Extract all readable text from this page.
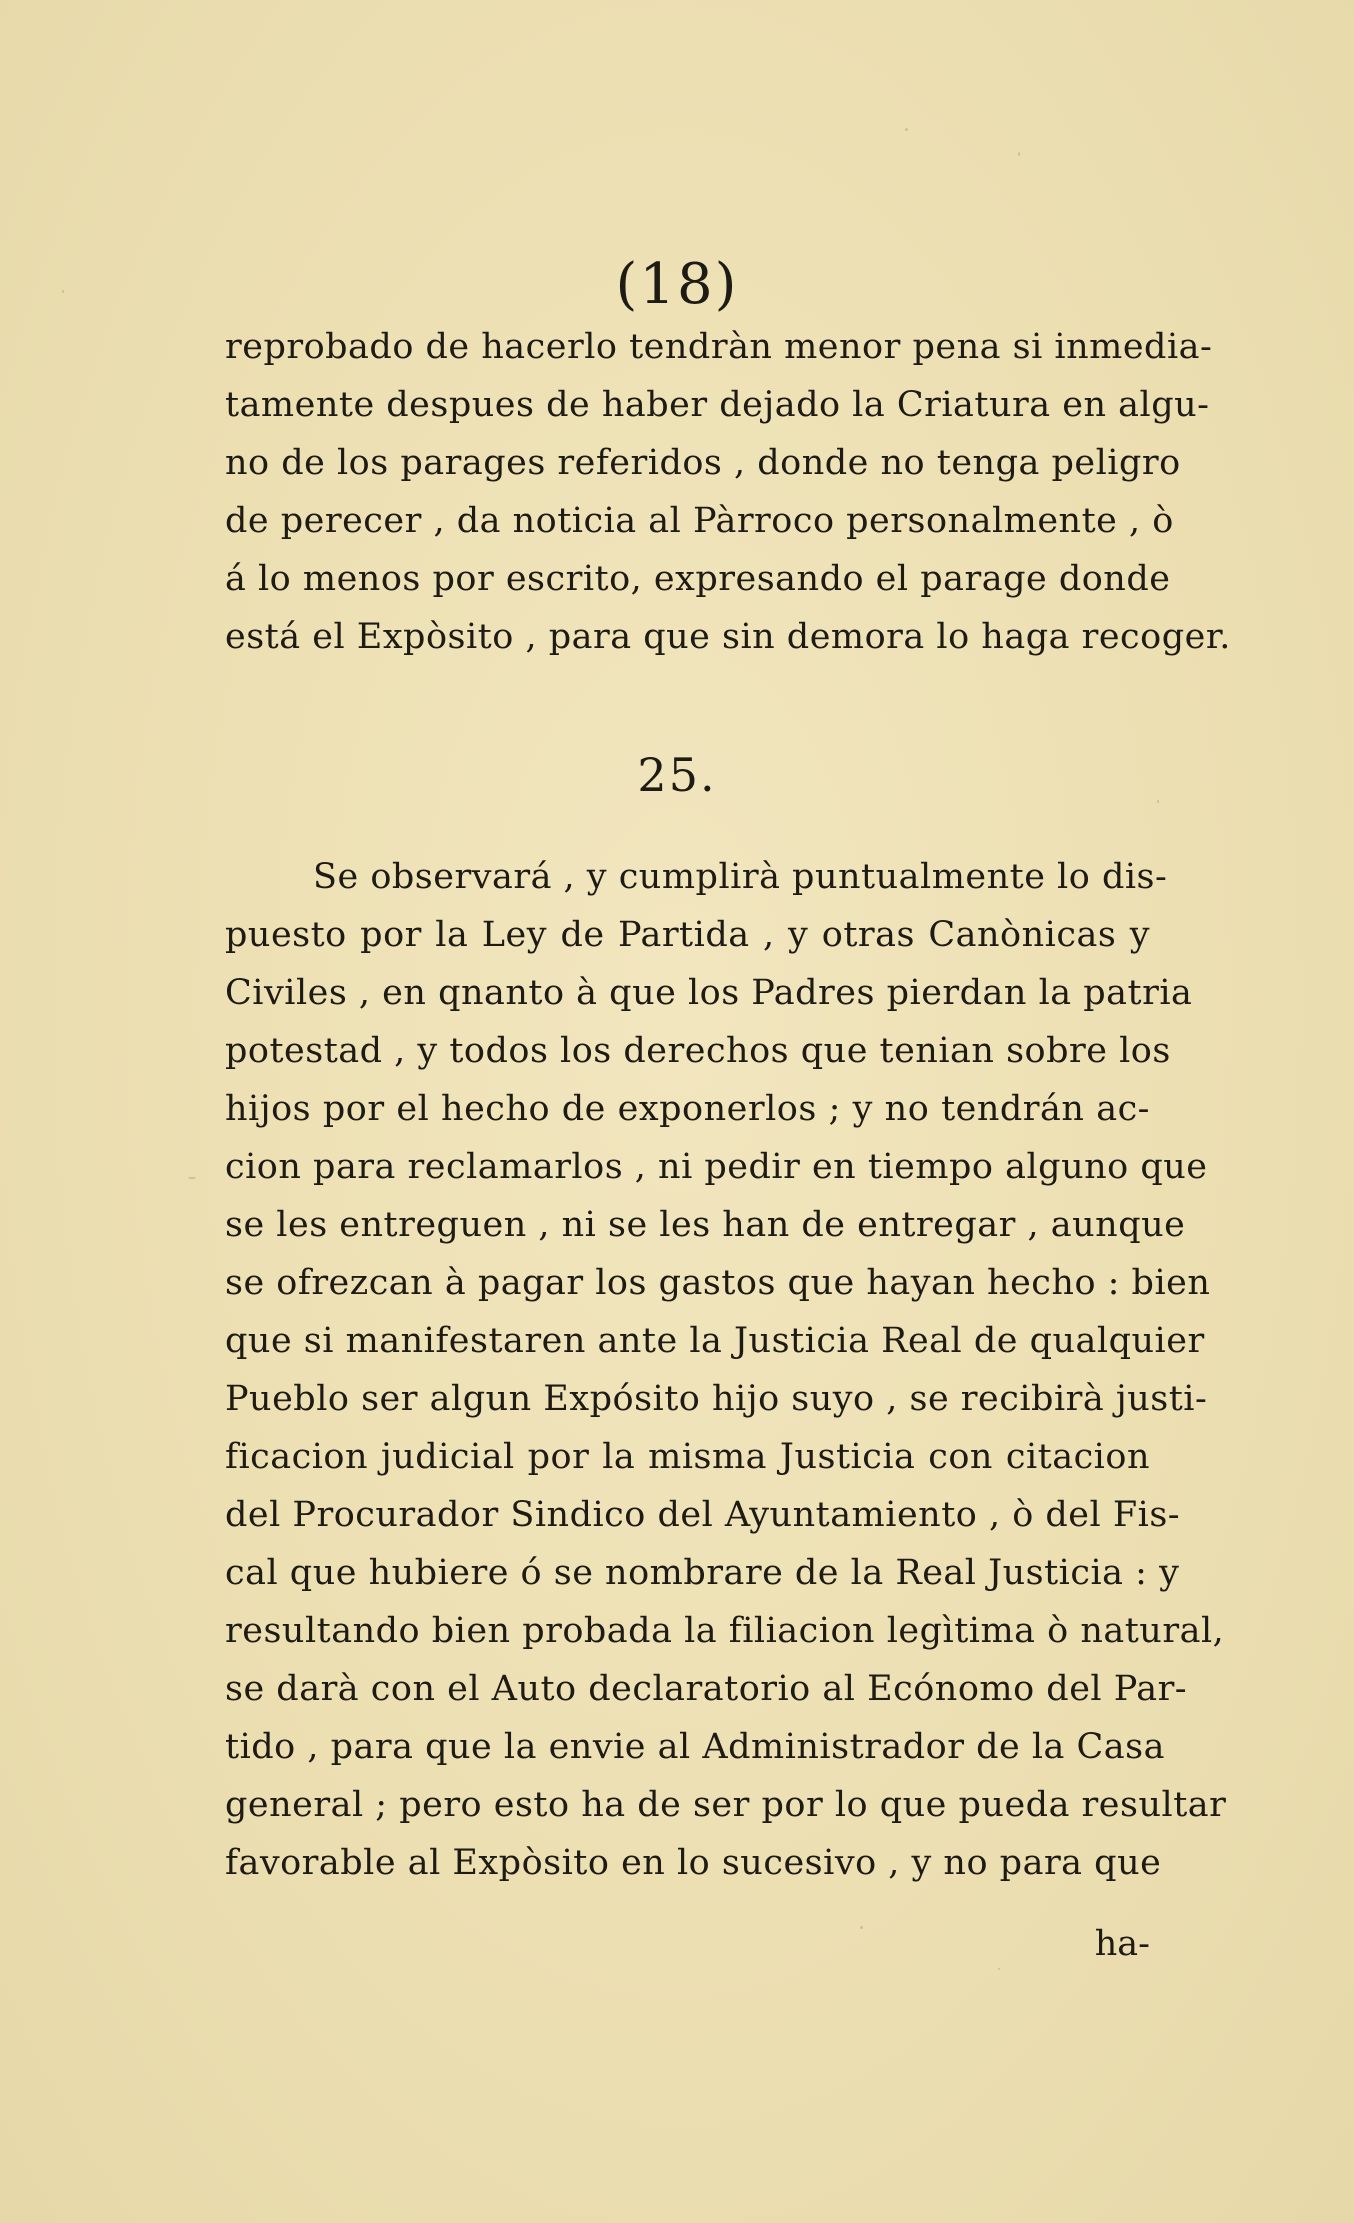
(18)
reprobado de hacerlo tendràn menor pena si inmedia-
tamente despues de haber dejado la Criatura en algu-
no de los parages referidos , donde no tenga peligro
de perecer , da noticia al Pàrroco personalmente , ò
á lo menos por escrito, expresando el parage donde
está el Expòsito , para que sin demora lo haga recoger.
25.
Se observará , y cumplirà puntualmente lo dis-
puesto por la Ley de Partida , y otras Canònicas y
Civiles , en qnanto à que los Padres pierdan la patria
potestad , y todos los derechos que tenian sobre los
hijos por el hecho de exponerlos ; y no tendrán ac-
cion para reclamarlos , ni pedir en tiempo alguno que
se les entreguen , ni se les han de entregar , aunque
se ofrezcan à pagar los gastos que hayan hecho : bien
que si manifestaren ante la Justicia Real de qualquier
Pueblo ser algun Expósito hijo suyo , se recibirà justi-
ficacion judicial por la misma Justicia con citacion
del Procurador Sindico del Ayuntamiento , ò del Fis-
cal que hubiere ó se nombrare de la Real Justicia : y
resultando bien probada la filiacion legìtima ò natural,
se darà con el Auto declaratorio al Ecónomo del Par-
tido , para que la envie al Administrador de la Casa
general ; pero esto ha de ser por lo que pueda resultar
favorable al Expòsito en lo sucesivo , y no para que
ha-
